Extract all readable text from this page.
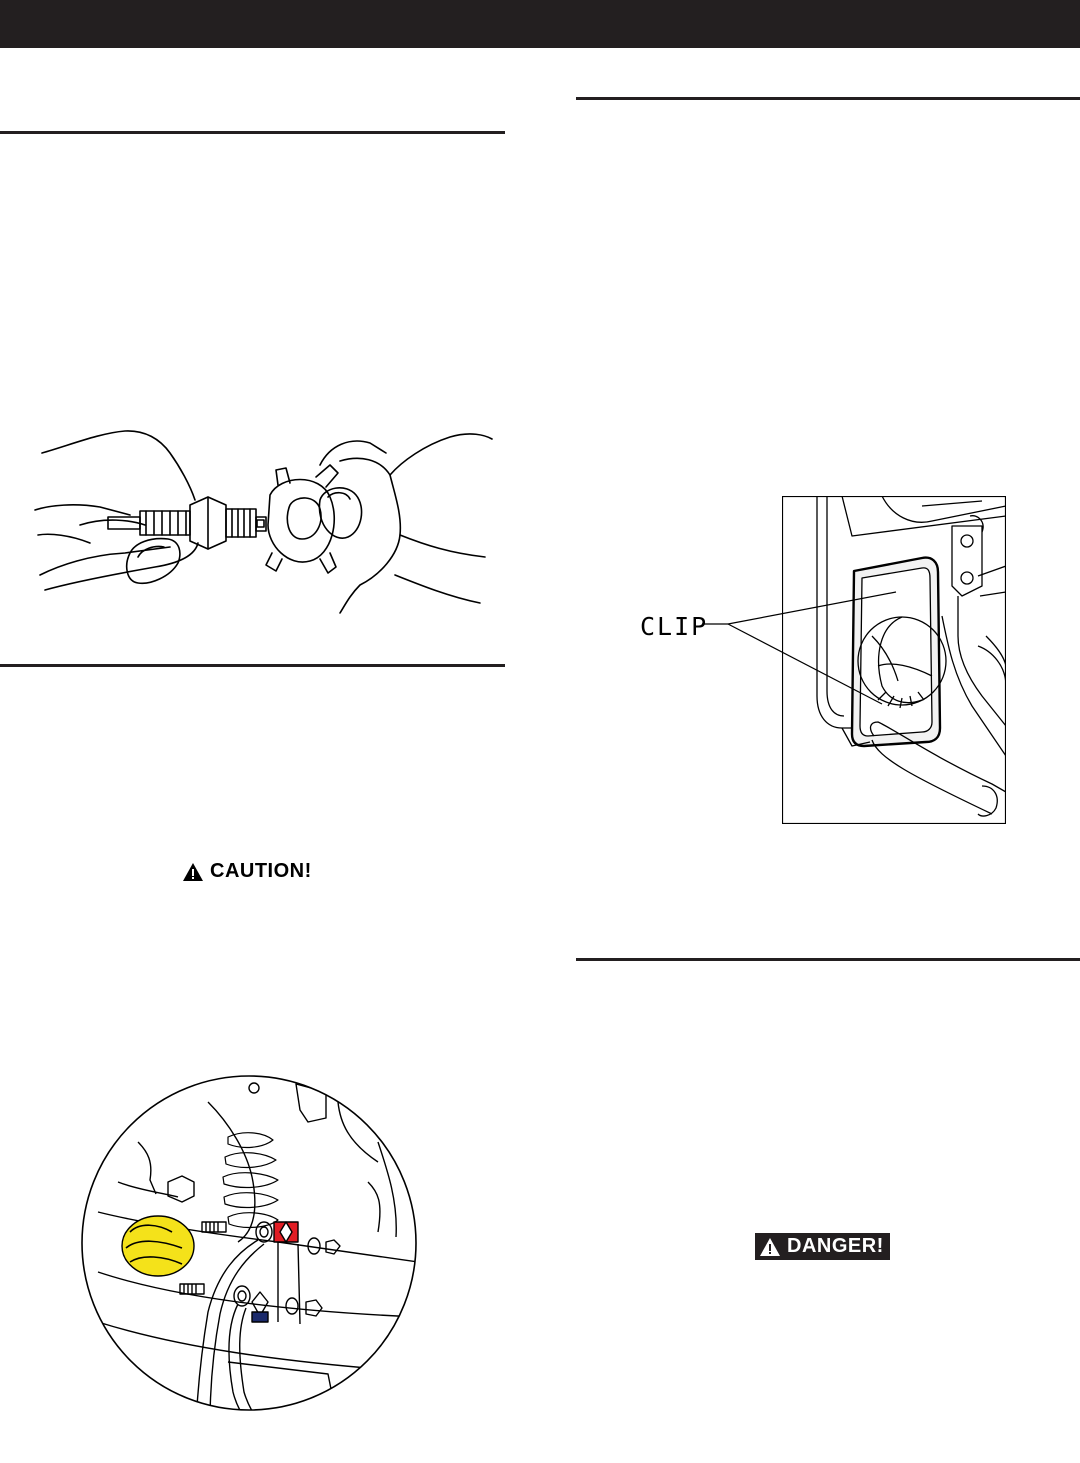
CAUTION!
CLIP
DANGER!
